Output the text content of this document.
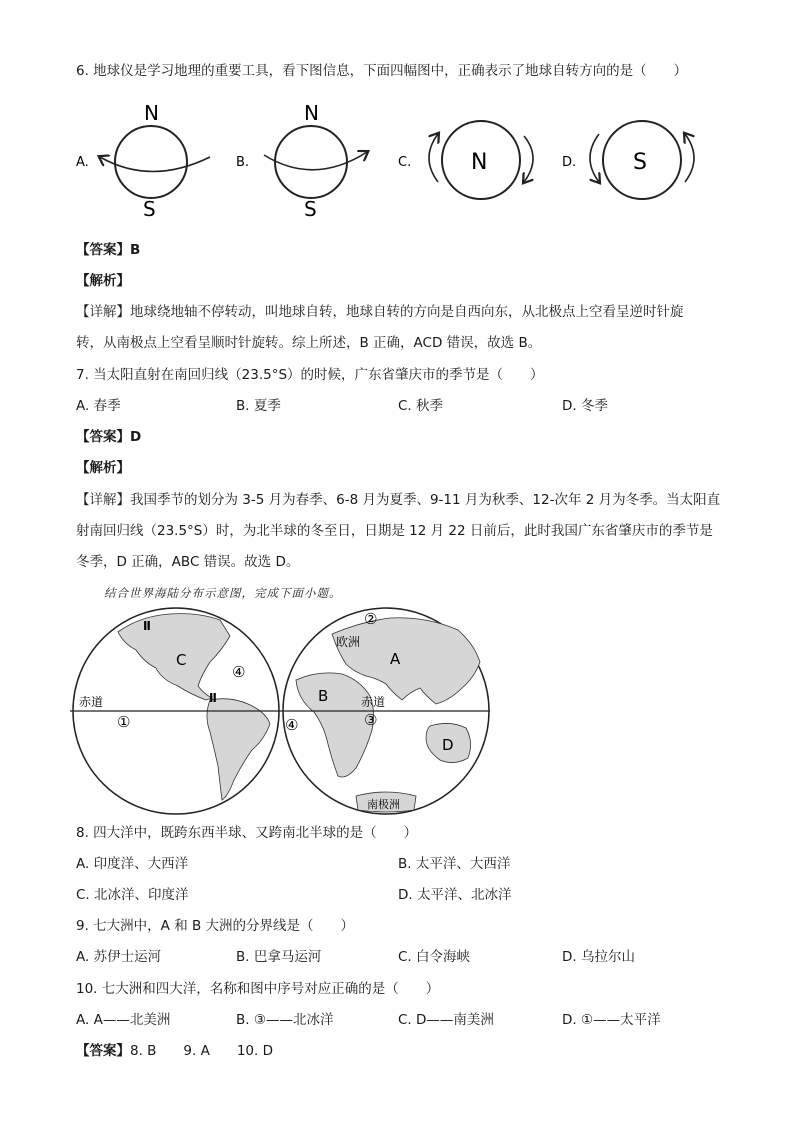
6. 地球仪是学习地理的重要工具，看下图信息，下面四幅图中，正确表示了地球自转方向的是（　　）
A.
N
S
B.
N
S
C.	N	D.	S
【答案】B
【解析】
【详解】地球绕地轴不停转动，叫地球自转，地球自转的方向是自西向东，从北极点上空看呈逆时针旋
转，从南极点上空看呈顺时针旋转。综上所述，B 正确，ACD 错误，故选 B。
7. 当太阳直射在南回归线（23.5°S）的时候，广东省肇庆市的季节是（　　）
A. 春季	B. 夏季	C. 秋季	D. 冬季
【答案】D
【解析】
【详解】我国季节的划分为 3-5 月为春季、6-8 月为夏季、9-11 月为秋季、12-次年 2 月为冬季。当太阳直
射南回归线（23.5°S）时，为北半球的冬至日，日期是 12 月 22 日前后，此时我国广东省肇庆市的季节是
冬季，D 正确，ABC 错误。故选 D。
结合世界海陆分布示意图，完成下面小题。
C
④
赤道
①
Ⅱ
Ⅱ
②
欧洲
A
B	赤道
④	③
D
南极洲
8. 四大洋中，既跨东西半球、又跨南北半球的是（　　）
A. 印度洋、大西洋	B. 太平洋、大西洋
C. 北冰洋、印度洋	D. 太平洋、北冰洋
9. 七大洲中，A 和 B 大洲的分界线是（　　）
A. 苏伊士运河	B. 巴拿马运河	C. 白令海峡	D. 乌拉尔山
10. 七大洲和四大洋，名称和图中序号对应正确的是（　　）
A. A——北美洲	B. ③——北冰洋	C. D——南美洲	D. ①——太平洋
【答案】8. B　　9. A　　10. D
